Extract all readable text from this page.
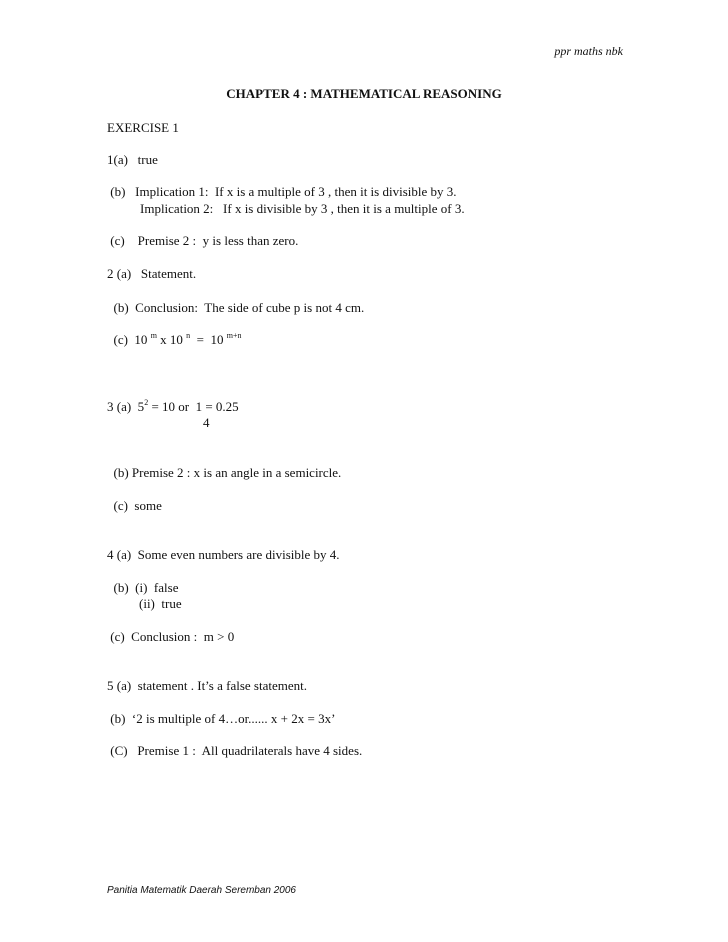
ppr maths nbk
CHAPTER 4 : MATHEMATICAL REASONING
EXERCISE 1
1(a)   true
(b)   Implication 1:  If x is a multiple of 3 , then it is divisible by 3.
Implication 2:   If x is divisible by 3 , then it is a multiple of 3.
(c)    Premise 2 :  y is less than zero.
2 (a)   Statement.
(b)  Conclusion:  The side of cube p is not 4 cm.
(c)  10 $^m$ x 10 $^n$  =  10 $^{m+n}$
3 (a)  $5^2 = 10$ or  1 = 0.25
4
(b) Premise 2 : x is an angle in a semicircle.
(c)  some
4 (a)  Some even numbers are divisible by 4.
(b)  (i)  false
(ii)  true
(c)  Conclusion :  m > 0
5 (a)  statement . It’s a false statement.
(b)  ‘2 is multiple of 4…or...... x + 2x = 3x’
(C)   Premise 1 :  All quadrilaterals have 4 sides.
Panitia Matematik Daerah Seremban 2006
